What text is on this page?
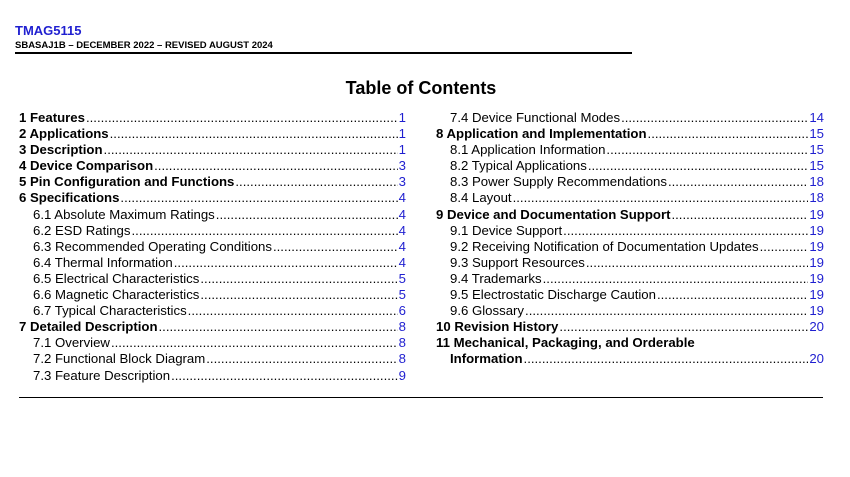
TMAG5115
SBASAJ1B – DECEMBER 2022 – REVISED AUGUST 2024
Table of Contents
1 Features .....	1
2 Applications .....	1
3 Description .....	1
4 Device Comparison .....	3
5 Pin Configuration and Functions .....	3
6 Specifications .....	4
6.1 Absolute Maximum Ratings .....	4
6.2 ESD Ratings .....	4
6.3 Recommended Operating Conditions .....	4
6.4 Thermal Information .....	4
6.5 Electrical Characteristics .....	5
6.6 Magnetic Characteristics .....	5
6.7 Typical Characteristics .....	6
7 Detailed Description .....	8
7.1 Overview .....	8
7.2 Functional Block Diagram .....	8
7.3 Feature Description .....	9
7.4 Device Functional Modes .....	14
8 Application and Implementation .....	15
8.1 Application Information .....	15
8.2 Typical Applications .....	15
8.3 Power Supply Recommendations .....	18
8.4 Layout .....	18
9 Device and Documentation Support .....	19
9.1 Device Support .....	19
9.2 Receiving Notification of Documentation Updates .....	19
9.3 Support Resources .....	19
9.4 Trademarks .....	19
9.5 Electrostatic Discharge Caution .....	19
9.6 Glossary .....	19
10 Revision History .....	20
11 Mechanical, Packaging, and Orderable
Information .....	20
